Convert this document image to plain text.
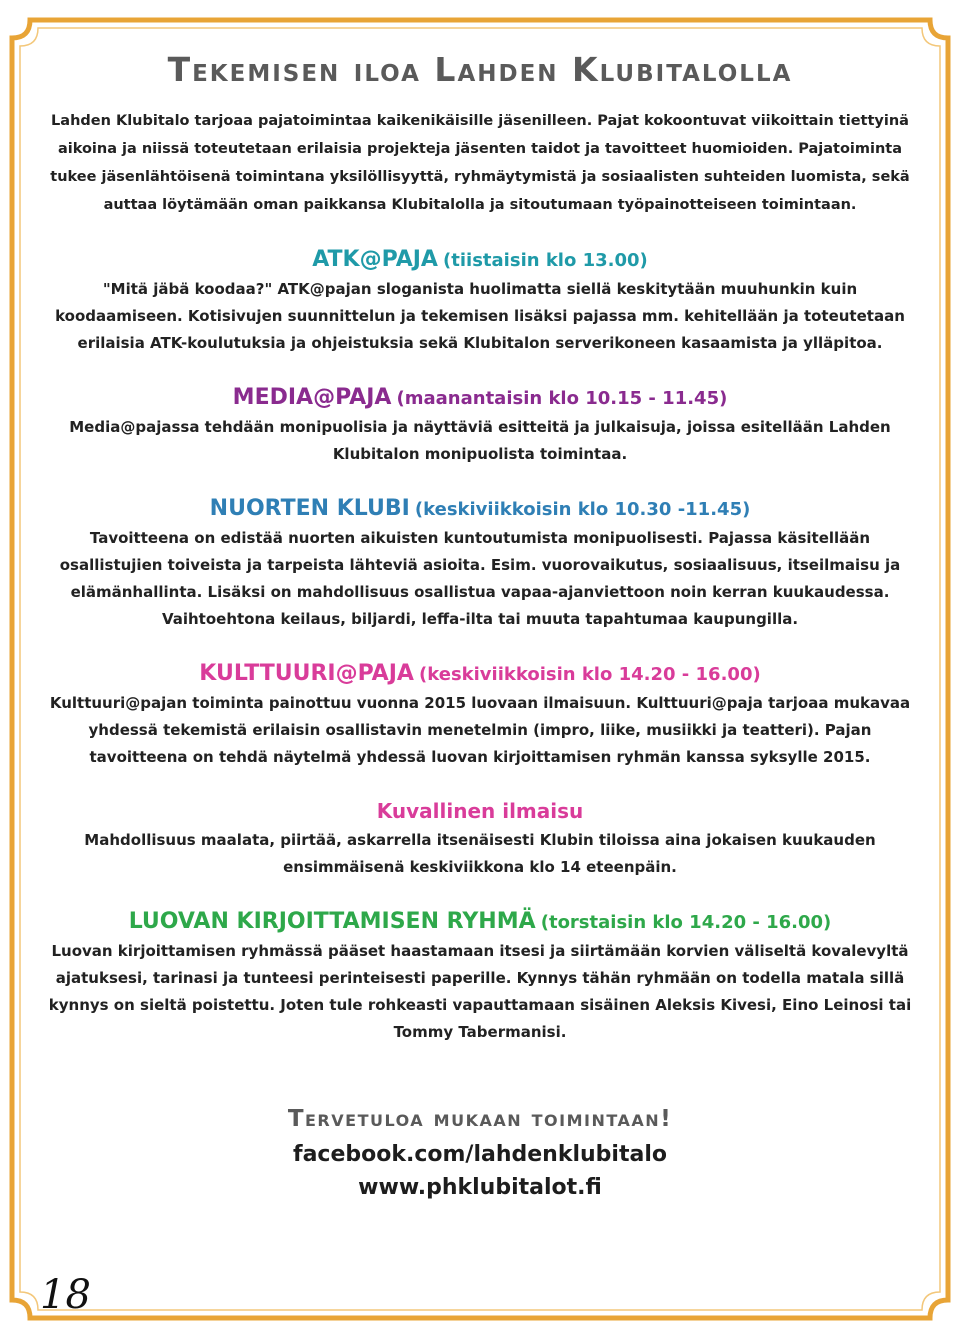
Tekemisen iloa Lahden Klubitalolla
Lahden Klubitalo tarjoaa pajatoimintaa kaikenikäisille jäsenilleen. Pajat kokoontuvat viikoittain tiettyinä aikoina ja niissä toteutetaan erilaisia projekteja jäsenten taidot ja tavoitteet huomioiden. Pajatoiminta tukee jäsenlähtöisenä toimintana yksilöllisyyttä, ryhmäytymistä ja sosiaalisten suhteiden luomista, sekä auttaa löytämään oman paikkansa Klubitalolla ja sitoutumaan työpainotteiseen toimintaan.
ATK@PAJA (tiistaisin klo 13.00)
"Mitä jäbä koodaa?" ATK@pajan sloganista huolimatta siellä keskitytään muuhunkin kuin koodaamiseen. Kotisivujen suunnittelun ja tekemisen lisäksi pajassa mm. kehitellään ja toteutetaan erilaisia ATK-koulutuksia ja ohjeistuksia sekä Klubitalon serverikoneen kasaamista ja ylläpitoa.
MEDIA@PAJA (maanantaisin klo 10.15 - 11.45)
Media@pajassa tehdään monipuolisia ja näyttäviä esitteitä ja julkaisuja, joissa esitellään Lahden Klubitalon monipuolista toimintaa.
NUORTEN KLUBI (keskiviikkoisin klo 10.30 -11.45)
Tavoitteena on edistää nuorten aikuisten kuntoutumista monipuolisesti. Pajassa käsitellään osallistujien toiveista ja tarpeista lähteviä asioita. Esim. vuorovaikutus, sosiaalisuus, itseilmaisu ja elämänhallinta. Lisäksi on mahdollisuus osallistua vapaa-ajanviettoon noin kerran kuukaudessa. Vaihtoehtona keilaus, biljardi, leffa-ilta tai muuta tapahtumaa kaupungilla.
KULTTUURI@PAJA (keskiviikkoisin klo 14.20 - 16.00)
Kulttuuri@pajan toiminta painottuu vuonna 2015 luovaan ilmaisuun. Kulttuuri@paja tarjoaa mukavaa yhdessä tekemistä erilaisin osallistavin menetelmin (impro, liike, musiikki ja teatteri). Pajan tavoitteena on tehdä näytelmä yhdessä luovan kirjoittamisen ryhmän kanssa syksylle 2015.
Kuvallinen ilmaisu
Mahdollisuus maalata, piirtää, askarrella itsenäisesti Klubin tiloissa aina jokaisen kuukauden ensimmäisenä keskiviikkona klo 14 eteenpäin.
LUOVAN KIRJOITTAMISEN RYHMÄ (torstaisin klo 14.20 - 16.00)
Luovan kirjoittamisen ryhmässä pääset haastamaan itsesi ja siirtämään korvien väliseltä kovalevyltä ajatuksesi, tarinasi ja tunteesi perinteisesti paperille. Kynnys tähän ryhmään on todella matala sillä kynnys on sieltä poistettu. Joten tule rohkeasti vapauttamaan sisäinen Aleksis Kivesi, Eino Leinosi tai Tommy Tabermanisi.
Tervetuloa mukaan toimintaan!
facebook.com/lahdenklubitalo
www.phklubitalot.fi
18
